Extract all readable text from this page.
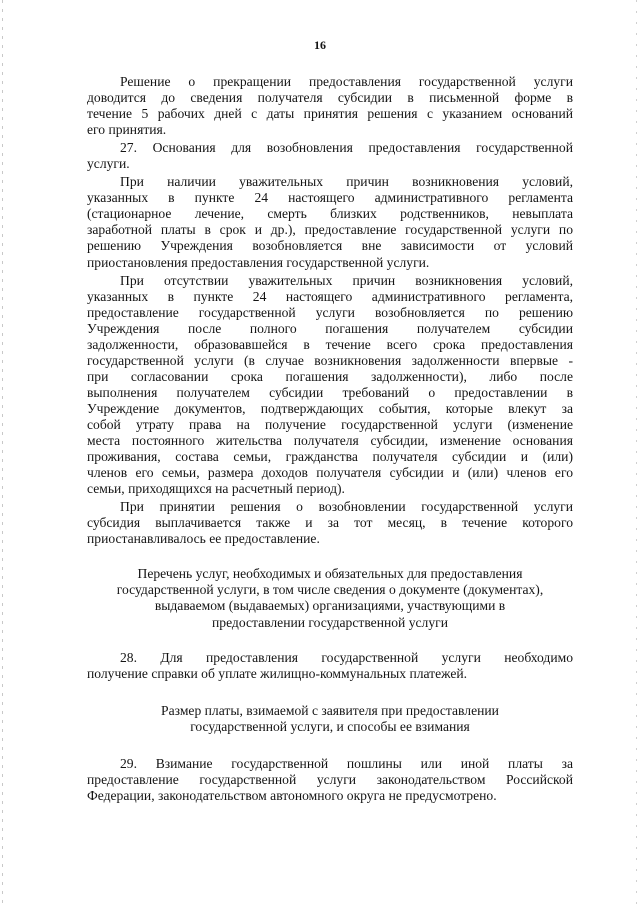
16
Решение о прекращении предоставления государственной услуги
доводится до сведения получателя субсидии в письменной форме в
течение 5 рабочих дней с даты принятия решения с указанием оснований
его принятия.
27. Основания для возобновления предоставления государственной
услуги.
При наличии уважительных причин возникновения условий,
указанных в пункте 24 настоящего административного регламента
(стационарное лечение, смерть близких родственников, невыплата
заработной платы в срок и др.), предоставление государственной услуги по
решению Учреждения возобновляется вне зависимости от условий
приостановления предоставления государственной услуги.
При отсутствии уважительных причин возникновения условий,
указанных в пункте 24 настоящего административного регламента,
предоставление государственной услуги возобновляется по решению
Учреждения после полного погашения получателем субсидии
задолженности, образовавшейся в течение всего срока предоставления
государственной услуги (в случае возникновения задолженности впервые -
при согласовании срока погашения задолженности), либо после
выполнения получателем субсидии требований о предоставлении в
Учреждение документов, подтверждающих события, которые влекут за
собой утрату права на получение государственной услуги (изменение
места постоянного жительства получателя субсидии, изменение основания
проживания, состава семьи, гражданства получателя субсидии и (или)
членов его семьи, размера доходов получателя субсидии и (или) членов его
семьи, приходящихся на расчетный период).
При принятии решения о возобновлении государственной услуги
субсидия выплачивается также и за тот месяц, в течение которого
приостанавливалось ее предоставление.
Перечень услуг, необходимых и обязательных для предоставления
государственной услуги, в том числе сведения о документе (документах),
выдаваемом (выдаваемых) организациями, участвующими в
предоставлении государственной услуги
28. Для предоставления государственной услуги необходимо
получение справки об уплате жилищно-коммунальных платежей.
Размер платы, взимаемой с заявителя при предоставлении
государственной услуги, и способы ее взимания
29. Взимание государственной пошлины или иной платы за
предоставление государственной услуги законодательством Российской
Федерации, законодательством автономного округа не предусмотрено.
